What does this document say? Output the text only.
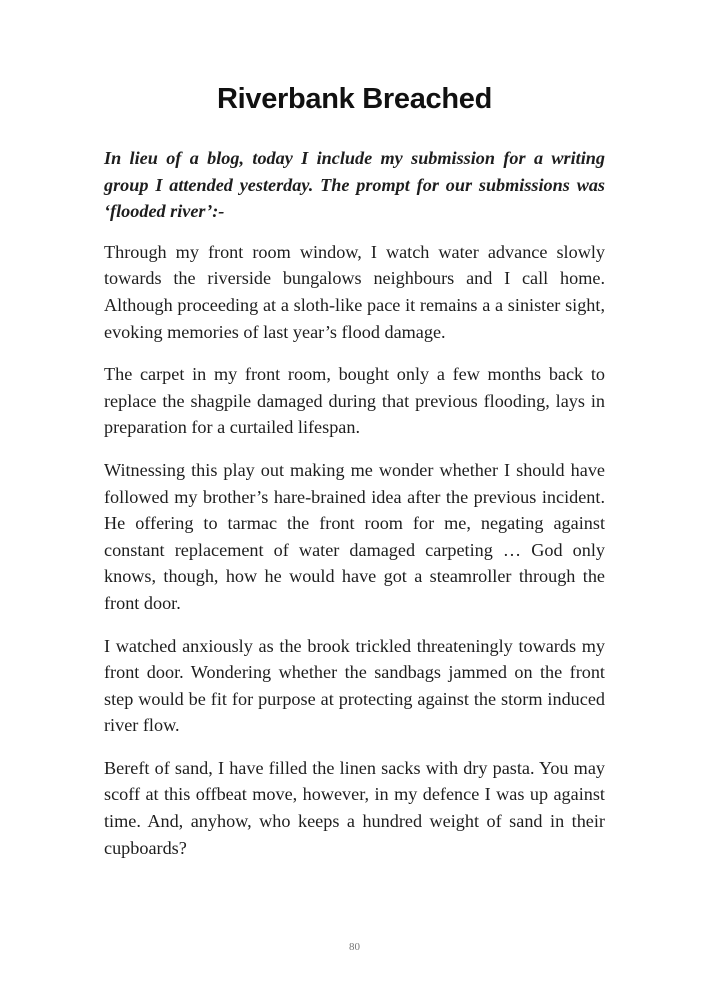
Riverbank Breached

In lieu of a blog, today I include my submission for a writing group I attended yesterday. The prompt for our submissions was ‘flooded river’:-

Through my front room window, I watch water advance slowly towards the riverside bungalows neighbours and I call home. Although proceeding at a sloth-like pace it remains a a sinister sight, evoking memories of last year’s flood damage.

The carpet in my front room, bought only a few months back to replace the shagpile damaged during that previous flooding, lays in preparation for a curtailed lifespan.

Witnessing this play out making me wonder whether I should have followed my brother’s hare-brained idea after the previous incident. He offering to tarmac the front room for me, negating against constant replacement of water damaged carpeting … God only knows, though, how he would have got a steamroller through the front door.

I watched anxiously as the brook trickled threateningly towards my front door. Wondering whether the sandbags jammed on the front step would be fit for purpose at protecting against the storm induced river flow.

Bereft of sand, I have filled the linen sacks with dry pasta. You may scoff at this offbeat move, however, in my defence I was up against time. And, anyhow, who keeps a hundred weight of sand in their cupboards?

80
